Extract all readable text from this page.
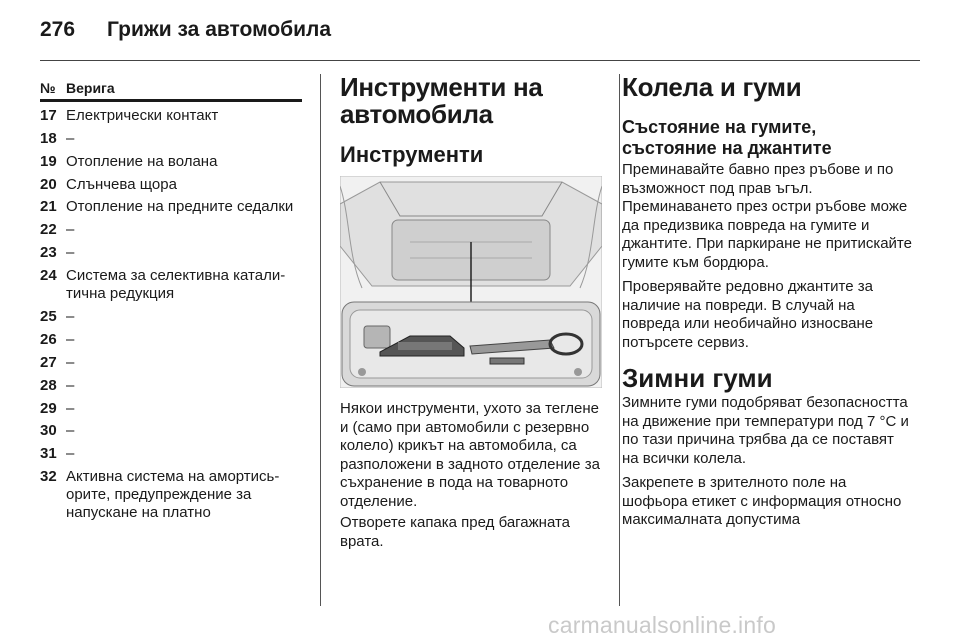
276 Грижи за автомобила
№ Верига
17 Електрически контакт
18 –
19 Отопление на волана
20 Слънчева щора
21 Отопление на предните седалки
22 –
23 –
24 Система за селективна катали-тична редукция
25 –
26 –
27 –
28 –
29 –
30 –
31 –
32 Активна система на амортись-орите, предупреждение за напускане на платно
Инструменти на автомобила
Инструменти
Някои инструменти, ухото за теглене и (само при автомобили с резервно колело) крикът на автомобила, са разположени в задното отделение за съхранение в пода на товарното отделение.
Отворете капака пред багажната врата.
Колела и гуми
Състояние на гумите, състояние на джантите
Преминавайте бавно през ръбове и по възможност под прав ъгъл. Преминаването през остри ръбове може да предизвика повреда на гумите и джантите. При паркиране не притискайте гумите към бордюра.
Проверявайте редовно джантите за наличие на повреди. В случай на повреда или необичайно износване потърсете сервиз.
Зимни гуми
Зимните гуми подобряват безопасността на движение при температури под 7 °C и по тази причина трябва да се поставят на всички колела.
Закрепете в зрителното поле на шофьора етикет с информация относно максималната допустима
carmanualsonline.info
